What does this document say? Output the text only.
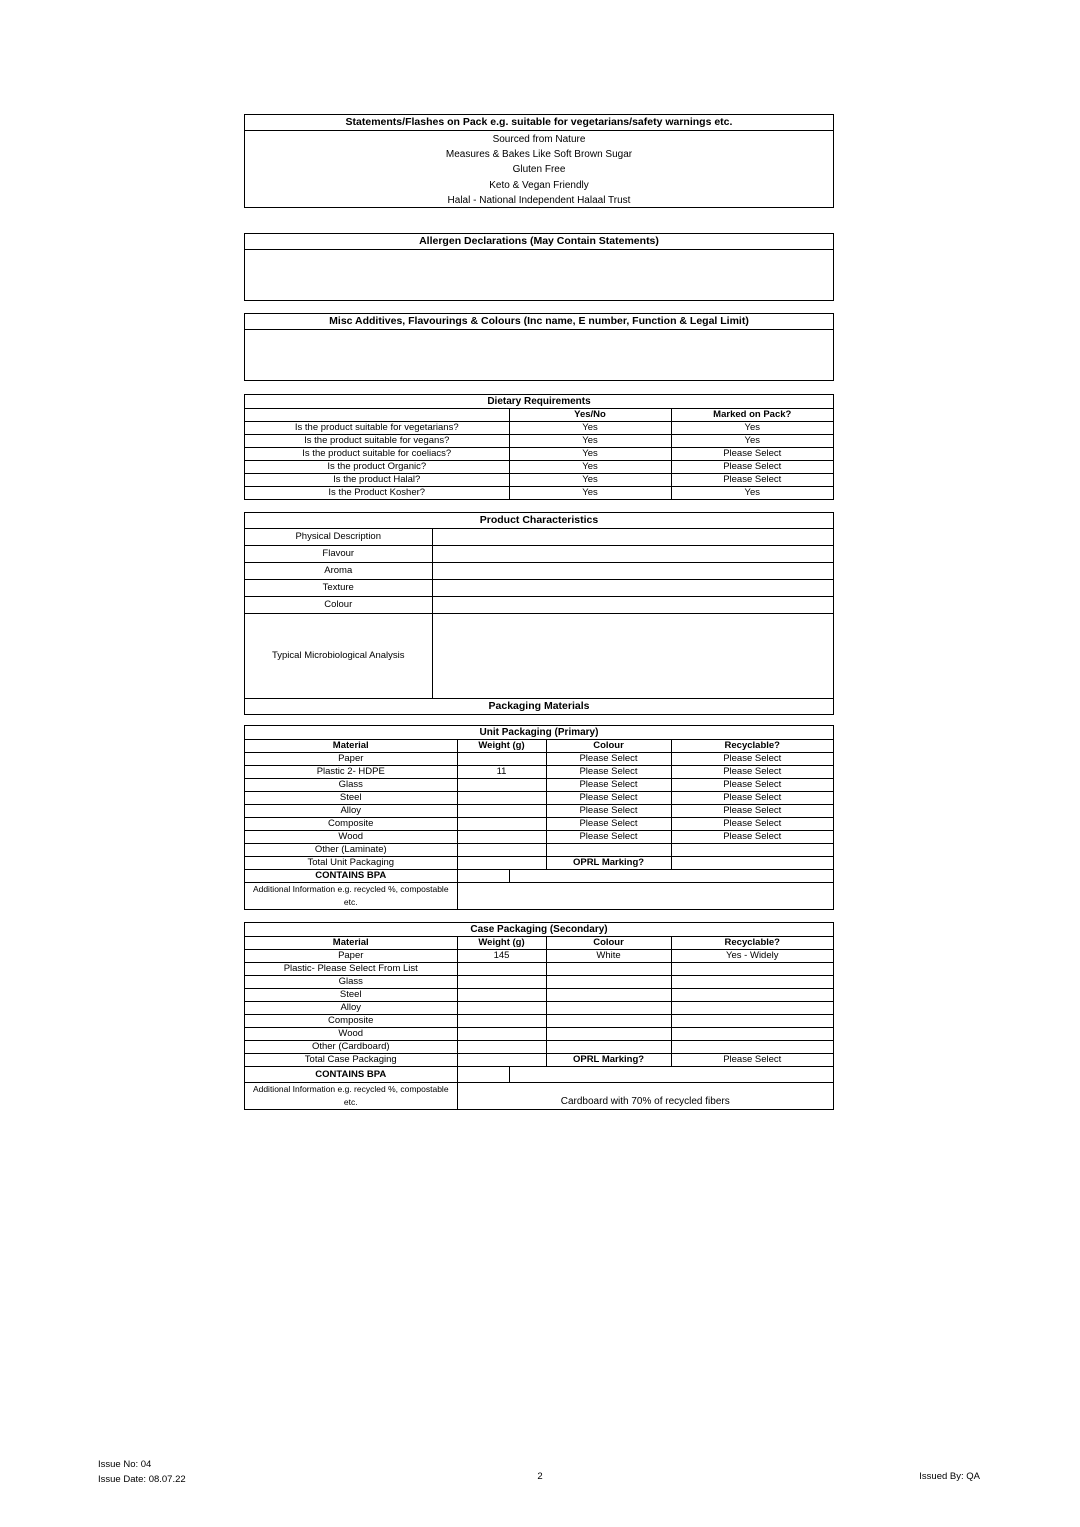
Statements/Flashes on Pack e.g. suitable for vegetarians/safety warnings etc.
Sourced from Nature
Measures & Bakes Like Soft Brown Sugar
Gluten Free
Keto & Vegan Friendly
Halal - National Independent Halaal Trust
Allergen Declarations (May Contain Statements)
Misc Additives, Flavourings & Colours (Inc name, E number, Function & Legal Limit)
Dietary Requirements
	Yes/No	Marked on Pack?
Is the product suitable for vegetarians?	Yes	Yes
Is the product suitable for vegans?	Yes	Yes
Is the product suitable for coeliacs?	Yes	Please Select
Is the product Organic?	Yes	Please Select
Is the product Halal?	Yes	Please Select
Is the Product Kosher?	Yes	Yes
Product Characteristics
Physical Description	
Flavour	
Aroma	
Texture	
Colour	
Typical Microbiological Analysis	
Packaging Materials	
Unit Packaging (Primary)
Material	Weight (g)		Colour	Recyclable?
Paper			Please Select	Please Select
Plastic 2- HDPE	11		Please Select	Please Select
Glass			Please Select	Please Select
Steel			Please Select	Please Select
Alloy			Please Select	Please Select
Composite			Please Select	Please Select
Wood			Please Select	Please Select
Other (Laminate)				
Total Unit Packaging			OPRL Marking?	
CONTAINS BPA				
Additional Information e.g. recycled %, compostable etc.				
Case Packaging (Secondary)
Material	Weight (g)		Colour	Recyclable?
Paper	145		White	Yes - Widely
Plastic- Please Select From List				
Glass				
Steel				
Alloy				
Composite				
Wood				
Other (Cardboard)				
Total Case Packaging			OPRL Marking?	Please Select
CONTAINS BPA				
Additional Information e.g. recycled %, compostable etc.	Cardboard with 70% of recycled fibers			
Issue No: 04
Issue Date: 08.07.22	2	Issued By: QA
